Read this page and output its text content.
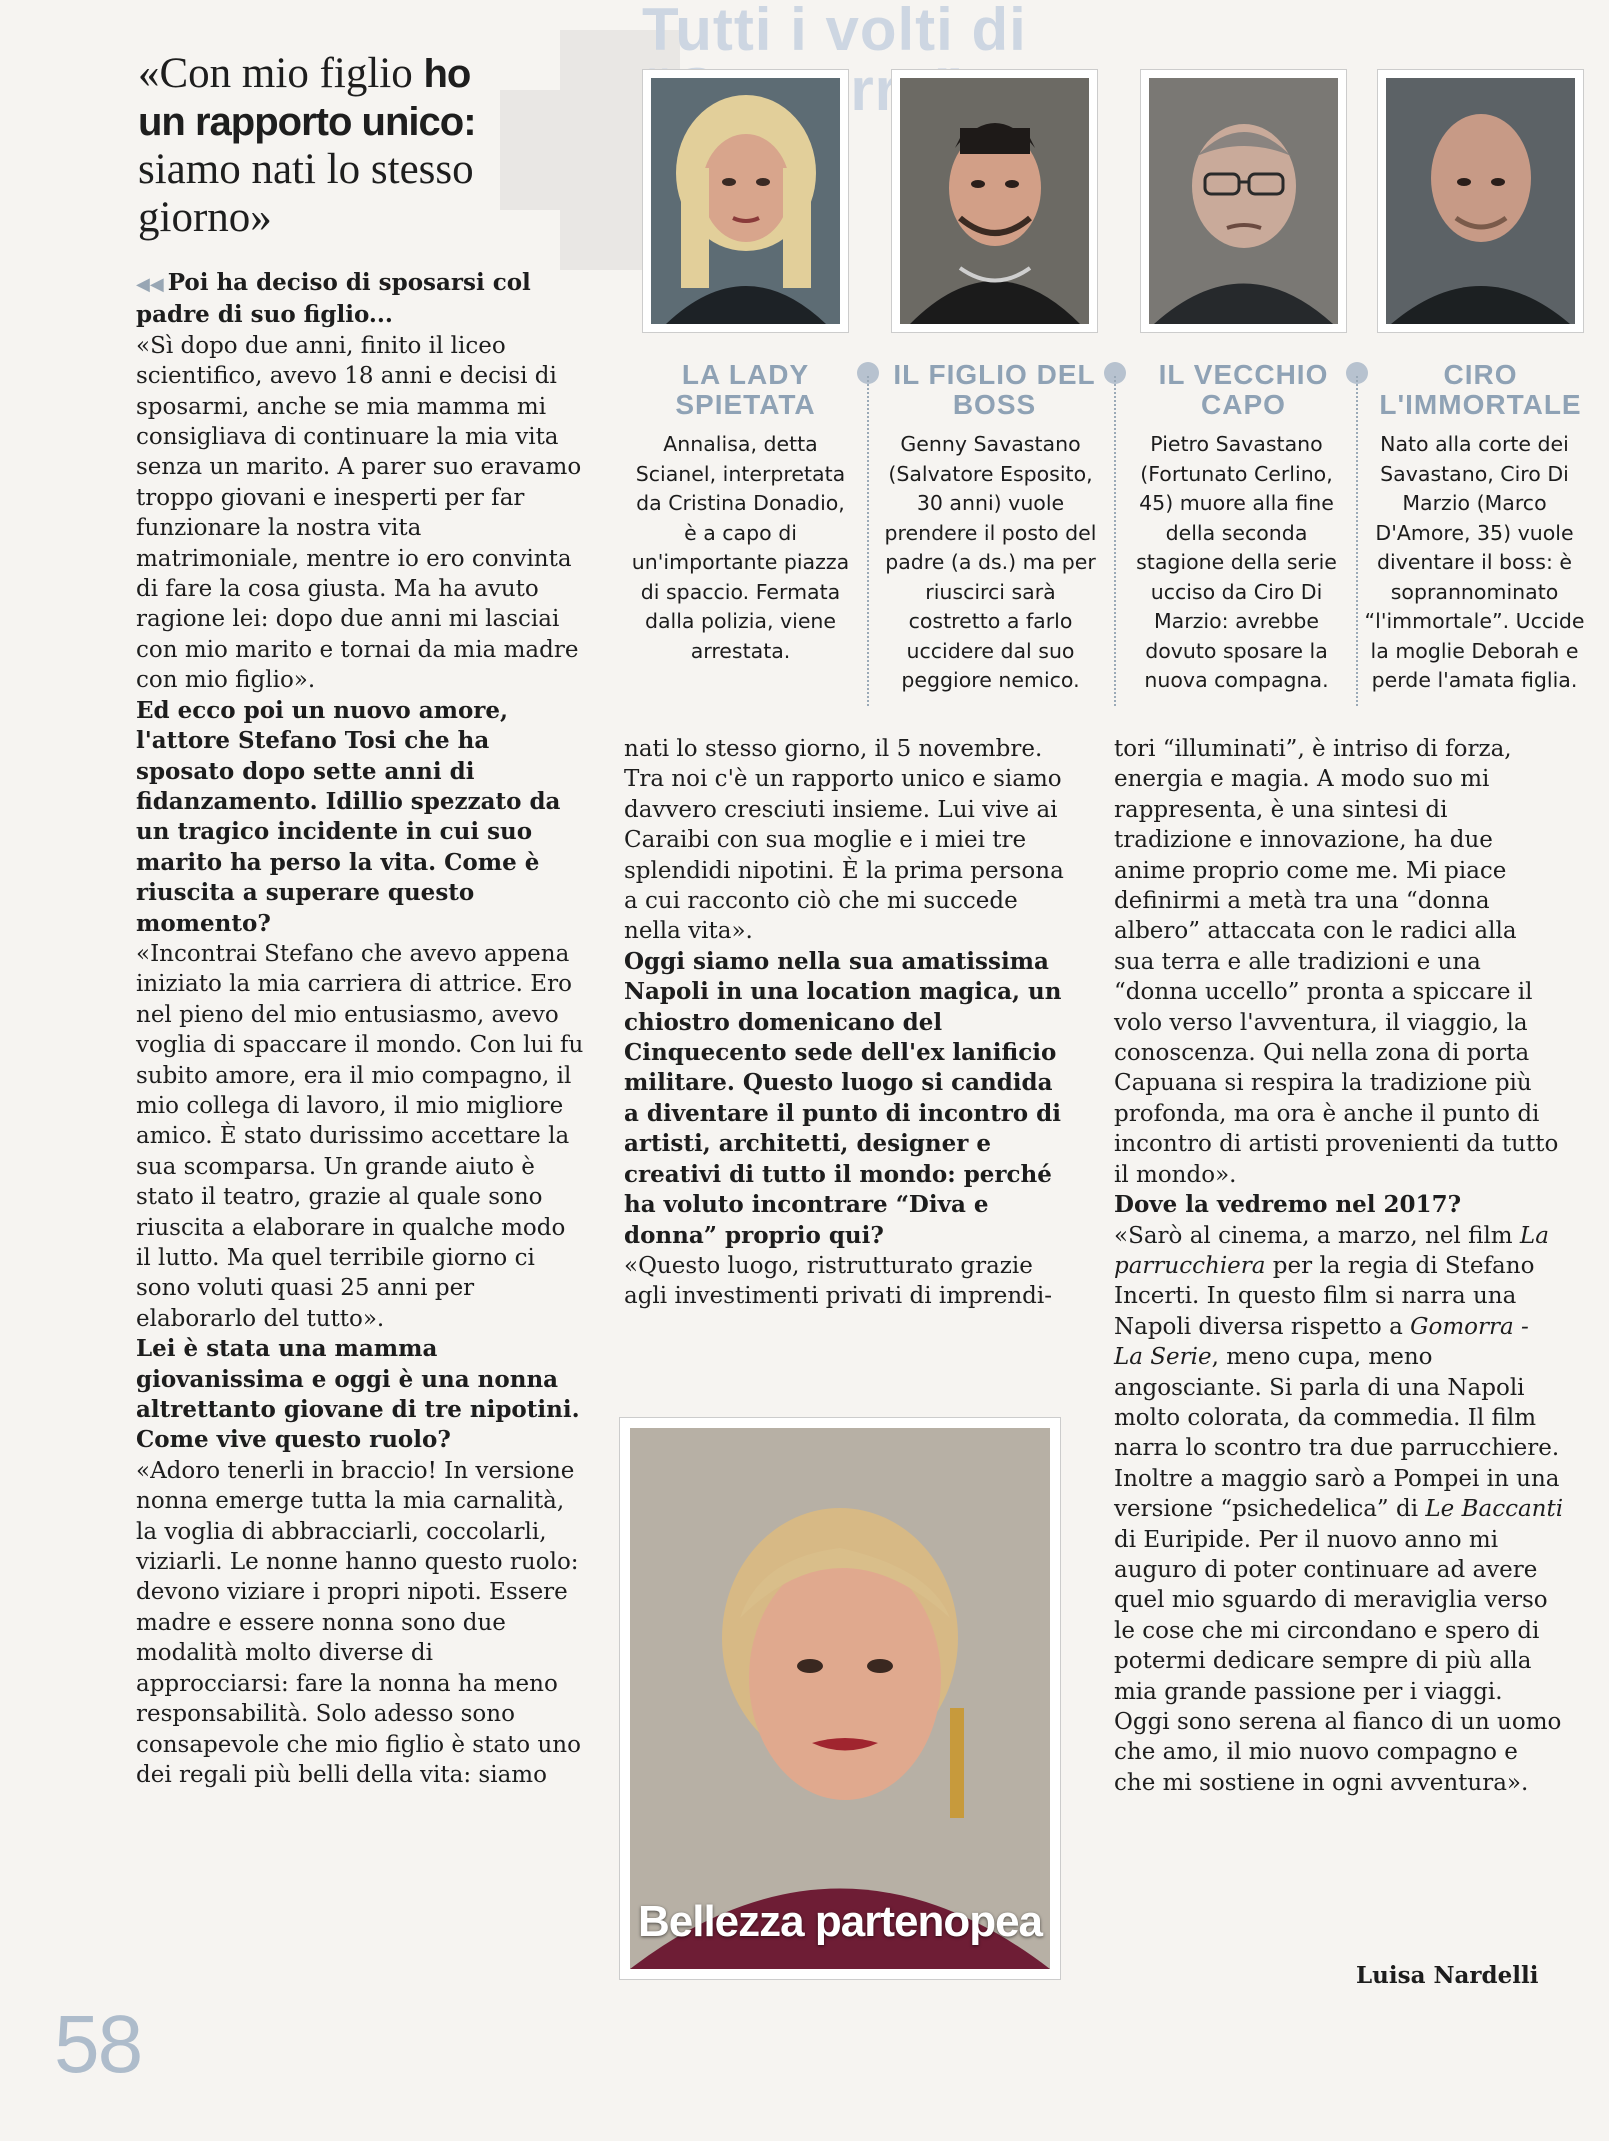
«Con mio figlio ho un rapporto unico: siamo nati lo stesso giorno»
Tutti i volti di
LA LADY SPIETATA
IL FIGLIO DEL BOSS
IL VECCHIO CAPO
CIRO L'IMMORTALE
Annalisa, detta Scianel, interpretata da Cristina Donadio, è a capo di un'importante piazza di spaccio. Fermata dalla polizia, viene arrestata.
Genny Savastano (Salvatore Esposito, 30 anni) vuole prendere il posto del padre (a ds.) ma per riuscirci sarà costretto a farlo uccidere dal suo peggiore nemico.
Pietro Savastano (Fortunato Cerlino, 45) muore alla fine della seconda stagione della serie ucciso da Ciro Di Marzio: avrebbe dovuto sposare la nuova compagna.
Nato alla corte dei Savastano, Ciro Di Marzio (Marco D'Amore, 35) vuole diventare il boss: è soprannominato “l'immortale”. Uccide la moglie Deborah e perde l'amata figlia.

◀◀ Poi ha deciso di sposarsi col padre di suo figlio...

«Sì dopo due anni, finito il liceo scientifico, avevo 18 anni e decisi di sposarmi, anche se mia mamma mi consigliava di continuare la mia vita senza un marito. A parer suo eravamo troppo giovani e inesperti per far funzionare la nostra vita matrimoniale, mentre io ero convinta di fare la cosa giusta. Ma ha avuto ragione lei: dopo due anni mi lasciai con mio marito e tornai da mia madre con mio figlio».

Ed ecco poi un nuovo amore, l'attore Stefano Tosi che ha sposato dopo sette anni di fidanzamento. Idillio spezzato da un tragico incidente in cui suo marito ha perso la vita. Come è riuscita a superare questo momento?

«Incontrai Stefano che avevo appena iniziato la mia carriera di attrice. Ero nel pieno del mio entusiasmo, avevo voglia di spaccare il mondo. Con lui fu subito amore, era il mio compagno, il mio collega di lavoro, il mio migliore amico. È stato durissimo accettare la sua scomparsa. Un grande aiuto è stato il teatro, grazie al quale sono riuscita a elaborare in qualche modo il lutto. Ma quel terribile giorno ci sono voluti quasi 25 anni per elaborarlo del tutto».

Lei è stata una mamma giovanissima e oggi è una nonna altrettanto giovane di tre nipotini. Come vive questo ruolo?

«Adoro tenerli in braccio! In versione nonna emerge tutta la mia carnalità, la voglia di abbracciarli, coccolarli, viziarli. Le nonne hanno questo ruolo: devono viziare i propri nipoti. Essere madre e essere nonna sono due modalità molto diverse di approcciarsi: fare la nonna ha meno responsabilità. Solo adesso sono consapevole che mio figlio è stato uno dei regali più belli della vita: siamo

nati lo stesso giorno, il 5 novembre. Tra noi c'è un rapporto unico e siamo davvero cresciuti insieme. Lui vive ai Caraibi con sua moglie e i miei tre splendidi nipotini. È la prima persona a cui racconto ciò che mi succede nella vita».

Oggi siamo nella sua amatissima Napoli in una location magica, un chiostro domenicano del Cinquecento sede dell'ex lanificio militare. Questo luogo si candida a diventare il punto di incontro di artisti, architetti, designer e creativi di tutto il mondo: perché ha voluto incontrare “Diva e donna” proprio qui?

«Questo luogo, ristrutturato grazie agli investimenti privati di imprendi-

Bellezza partenopea

tori “illuminati”, è intriso di forza, energia e magia. A modo suo mi rappresenta, è una sintesi di tradizione e innovazione, ha due anime proprio come me. Mi piace definirmi a metà tra una “donna albero” attaccata con le radici alla sua terra e alle tradizioni e una “donna uccello” pronta a spiccare il volo verso l'avventura, il viaggio, la conoscenza. Qui nella zona di porta Capuana si respira la tradizione più profonda, ma ora è anche il punto di incontro di artisti provenienti da tutto il mondo».

Dove la vedremo nel 2017?

«Sarò al cinema, a marzo, nel film La parrucchiera per la regia di Stefano Incerti. In questo film si narra una Napoli diversa rispetto a Gomorra - La Serie, meno cupa, meno angosciante. Si parla di una Napoli molto colorata, da commedia. Il film narra lo scontro tra due parrucchiere. Inoltre a maggio sarò a Pompei in una versione “psichedelica” di Le Baccanti di Euripide. Per il nuovo anno mi auguro di poter continuare ad avere quel mio sguardo di meraviglia verso le cose che mi circondano e spero di potermi dedicare sempre di più alla mia grande passione per i viaggi. Oggi sono serena al fianco di un uomo che amo, il mio nuovo compagno e che mi sostiene in ogni avventura».

Luisa Nardelli
58
